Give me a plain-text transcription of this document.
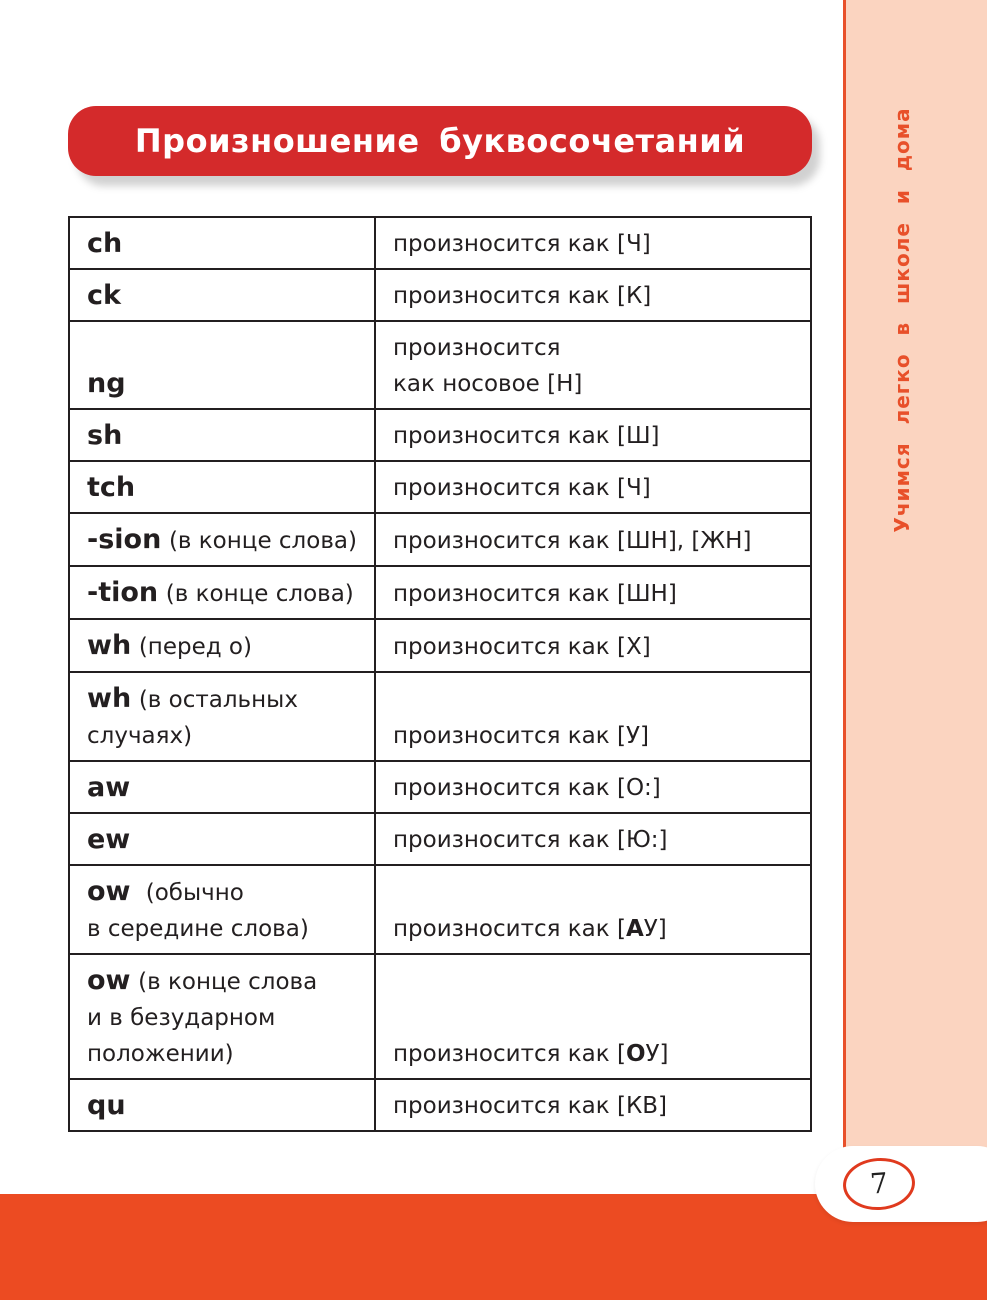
Учимся легко в школе и дома
7
Произношение буквосочетаний
ch	произносится как [Ч]
ck	произносится как [К]
ng	произносится
как носовое [Н]
sh	произносится как [Ш]
tch	произносится как [Ч]
-sion (в конце слова)	произносится как [ШН], [ЖН]
-tion (в конце слова)	произносится как [ШН]
wh (перед о)	произносится как [Х]
wh (в остальных
случаях)	произносится как [У]
aw	произносится как [О:]
ew	произносится как [Ю:]
ow (обычно
в середине слова)	произносится как [АУ]
ow (в конце слова
и в безударном
положении)	произносится как [ОУ]
qu	произносится как [КВ]
